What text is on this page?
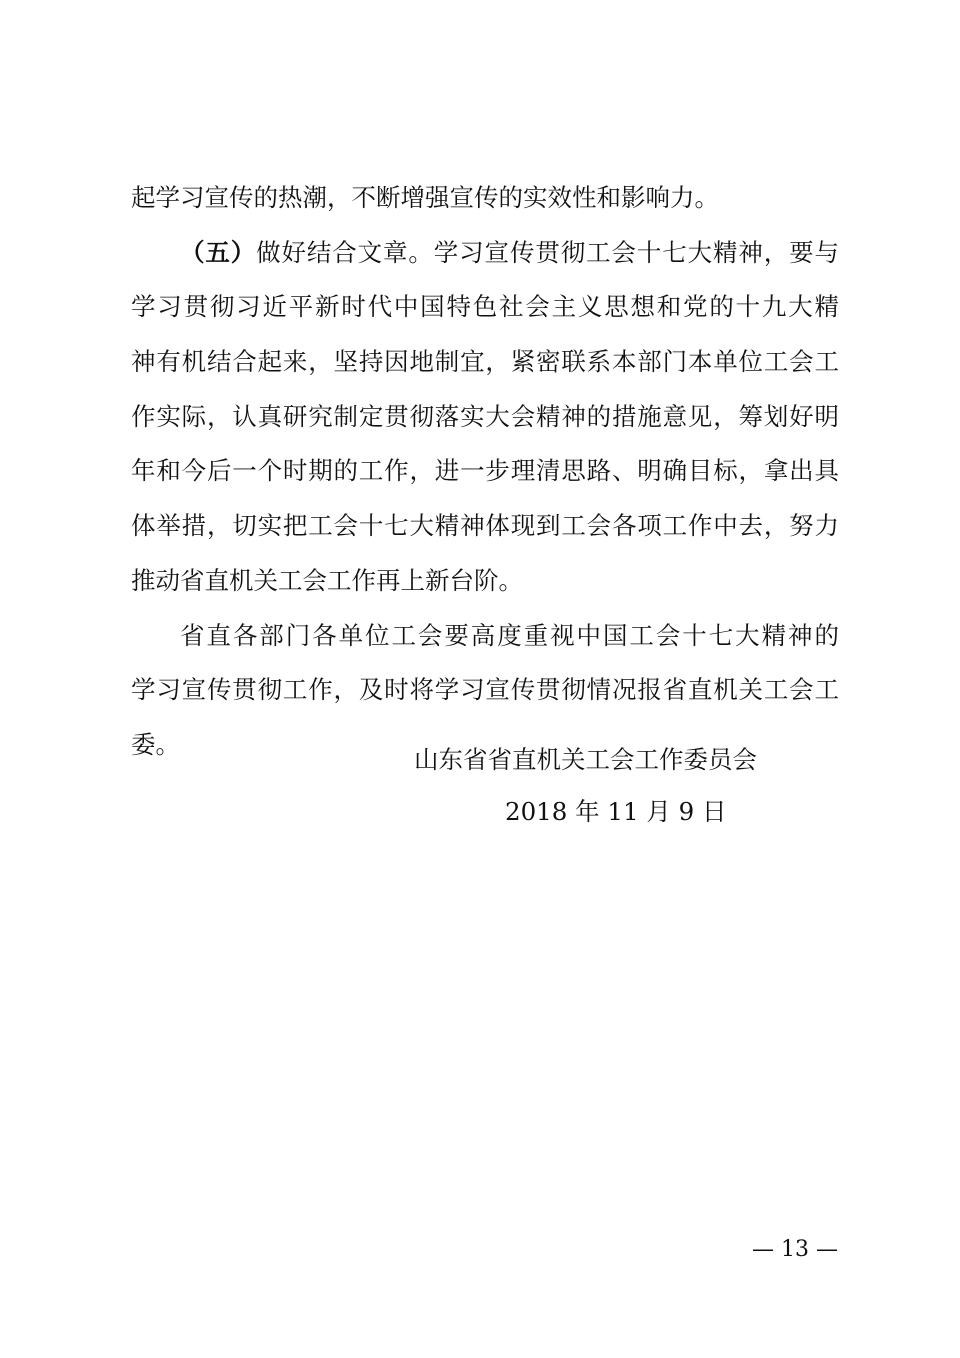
起学习宣传的热潮，不断增强宣传的实效性和影响力。
（五）做好结合文章。学习宣传贯彻工会十七大精神，要与
学习贯彻习近平新时代中国特色社会主义思想和党的十九大精
神有机结合起来，坚持因地制宜，紧密联系本部门本单位工会工
作实际，认真研究制定贯彻落实大会精神的措施意见，筹划好明
年和今后一个时期的工作，进一步理清思路、明确目标，拿出具
体举措，切实把工会十七大精神体现到工会各项工作中去，努力
推动省直机关工会工作再上新台阶。
省直各部门各单位工会要高度重视中国工会十七大精神的
学习宣传贯彻工作，及时将学习宣传贯彻情况报省直机关工会工
委。
山东省省直机关工会工作委员会
2018 年 11 月 9 日
— 13 —
